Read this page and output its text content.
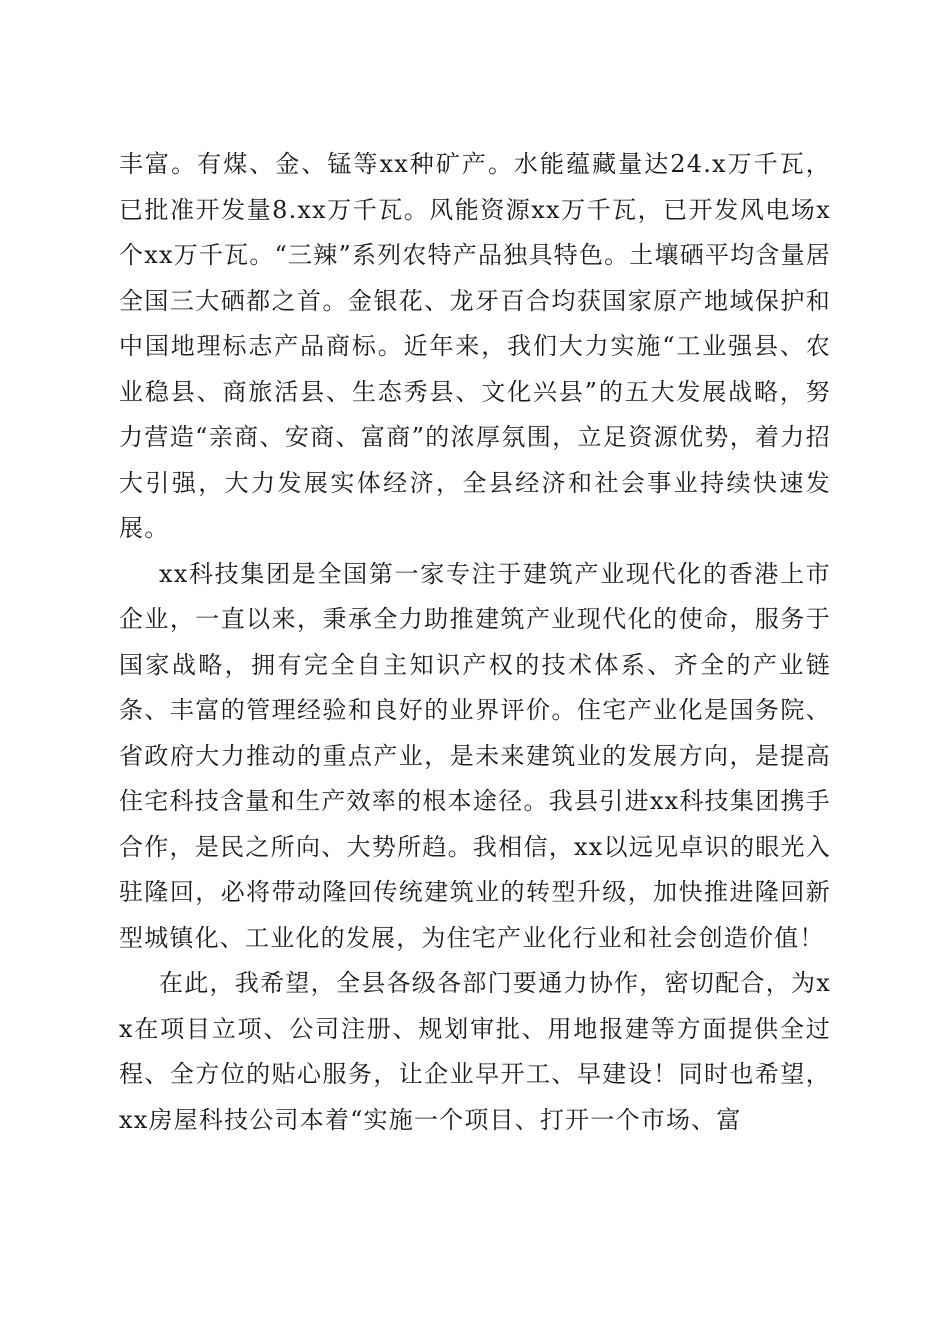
丰富。有煤、金、锰等xx种矿产。水能蕴藏量达24.x万千瓦，已批准开发量8.xx万千瓦。风能资源xx万千瓦，已开发风电场x个xx万千瓦。“三辣”系列农特产品独具特色。土壤硒平均含量居全国三大硒都之首。金银花、龙牙百合均获国家原产地域保护和中国地理标志产品商标。近年来，我们大力实施“工业强县、农业稳县、商旅活县、生态秀县、文化兴县”的五大发展战略，努力营造“亲商、安商、富商”的浓厚氛围，立足资源优势，着力招大引强，大力发展实体经济，全县经济和社会事业持续快速发展。

xx科技集团是全国第一家专注于建筑产业现代化的香港上市企业，一直以来，秉承全力助推建筑产业现代化的使命，服务于国家战略，拥有完全自主知识产权的技术体系、齐全的产业链条、丰富的管理经验和良好的业界评价。住宅产业化是国务院、省政府大力推动的重点产业，是未来建筑业的发展方向，是提高住宅科技含量和生产效率的根本途径。我县引进xx科技集团携手合作，是民之所向、大势所趋。我相信，xx以远见卓识的眼光入驻隆回，必将带动隆回传统建筑业的转型升级，加快推进隆回新型城镇化、工业化的发展，为住宅产业化行业和社会创造价值！

在此，我希望，全县各级各部门要通力协作，密切配合，为xx在项目立项、公司注册、规划审批、用地报建等方面提供全过程、全方位的贴心服务，让企业早开工、早建设！同时也希望，xx房屋科技公司本着“实施一个项目、打开一个市场、富
